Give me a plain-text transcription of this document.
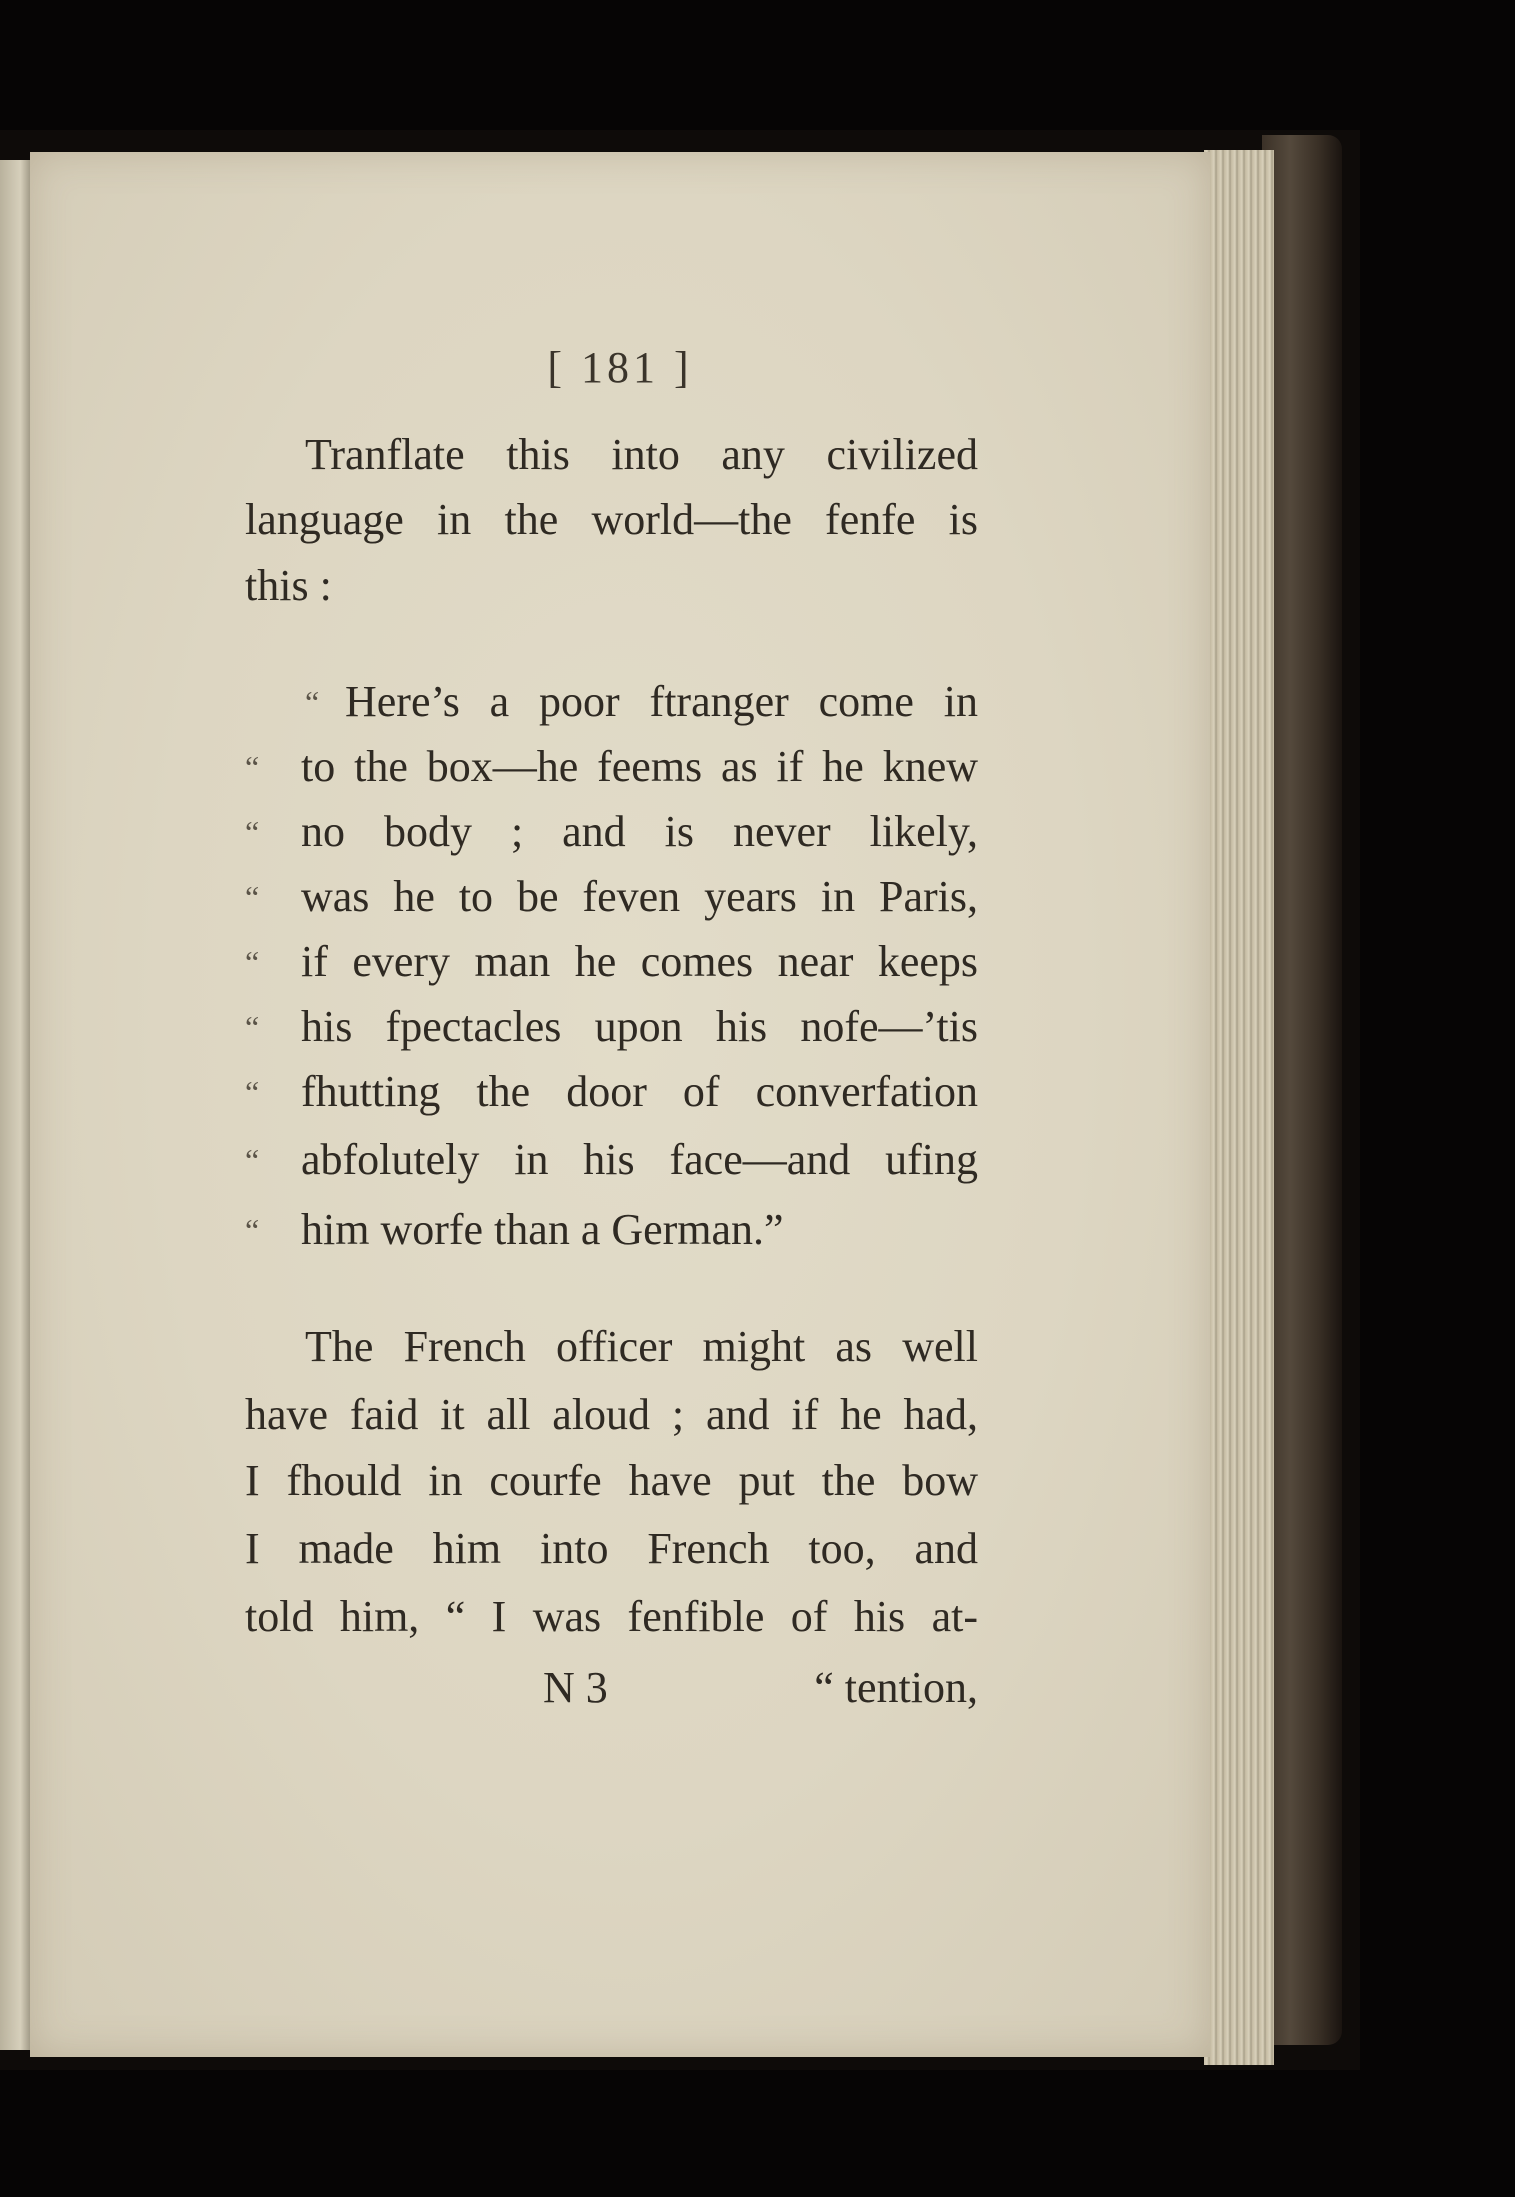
[ 181 ]
Tranflate this into any civilized
language in the world—the fenfe is
this :
“ Here’s a poor ftranger come in
“ to the box—he feems as if he knew
“ no body ; and is never likely,
“ was he to be feven years in Paris,
“ if every man he comes near keeps
“ his fpectacles upon his nofe—’tis
“ fhutting the door of converfation
“ abfolutely in his face—and ufing
“ him worfe than a German.”
The French officer might as well
have faid it all aloud ; and if he had,
I fhould in courfe have put the bow
I made him into French too, and
told him, “ I was fenfible of his at-
N 3	“ tention,
